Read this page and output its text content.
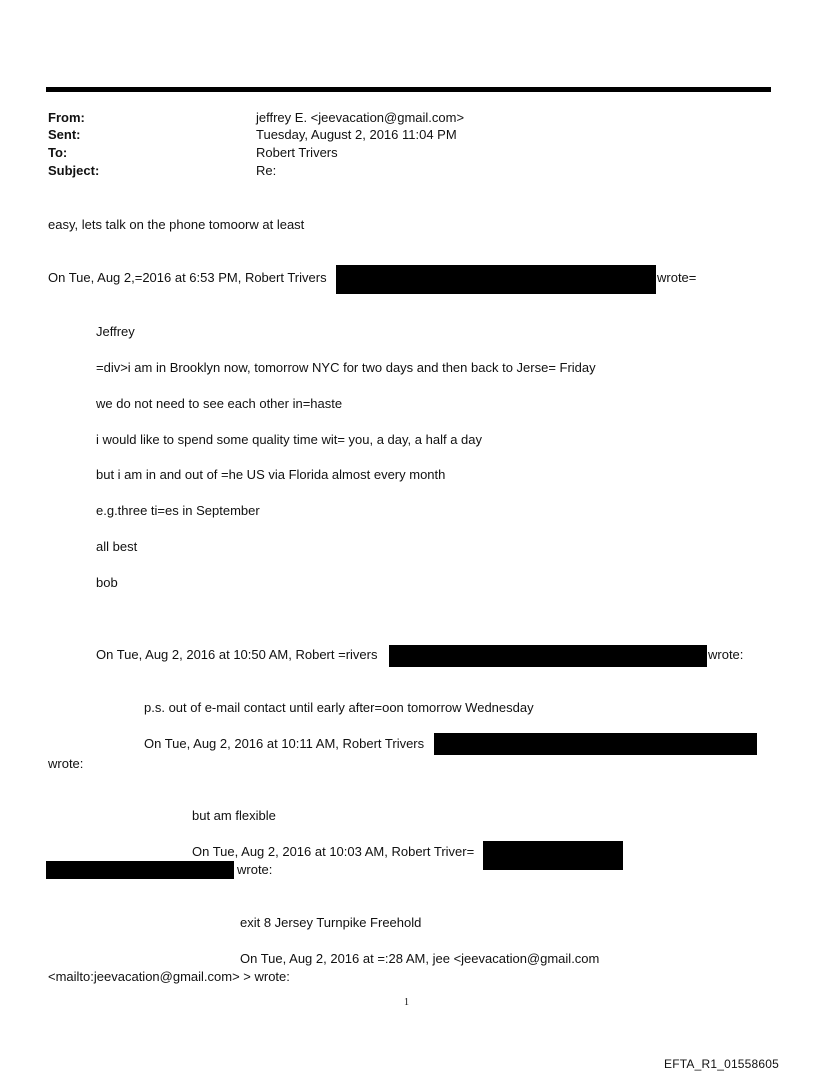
From:	jeffrey E. <jeevacation@gmail.com>
Sent:	Tuesday, August 2, 2016 11:04 PM
To:	Robert Trivers
Subject:	Re:
easy, lets talk on the phone tomoorw at least
On Tue, Aug 2,=2016 at 6:53 PM, Robert Trivers	wrote=
Jeffrey
=div>i am in Brooklyn now, tomorrow NYC for two days and then back to Jerse= Friday
we do not need to see each other in=haste
i would like to spend some quality time wit= you, a day, a half a day
but i am in and out of =he US via Florida almost every month
e.g.three ti=es in September
all best
bob
On Tue, Aug 2, 2016 at 10:50 AM, Robert =rivers	wrote:
p.s. out of e-mail contact until early after=oon tomorrow Wednesday
On Tue, Aug 2, 2016 at 10:11 AM, Robert Trivers
wrote:
but am flexible
On Tue, Aug 2, 2016 at 10:03 AM, Robert Triver=
wrote:
exit 8 Jersey Turnpike Freehold
On Tue, Aug 2, 2016 at =:28 AM, jee <jeevacation@gmail.com
<mailto:jeevacation@gmail.com> > wrote:
1
EFTA_R1_01558605
